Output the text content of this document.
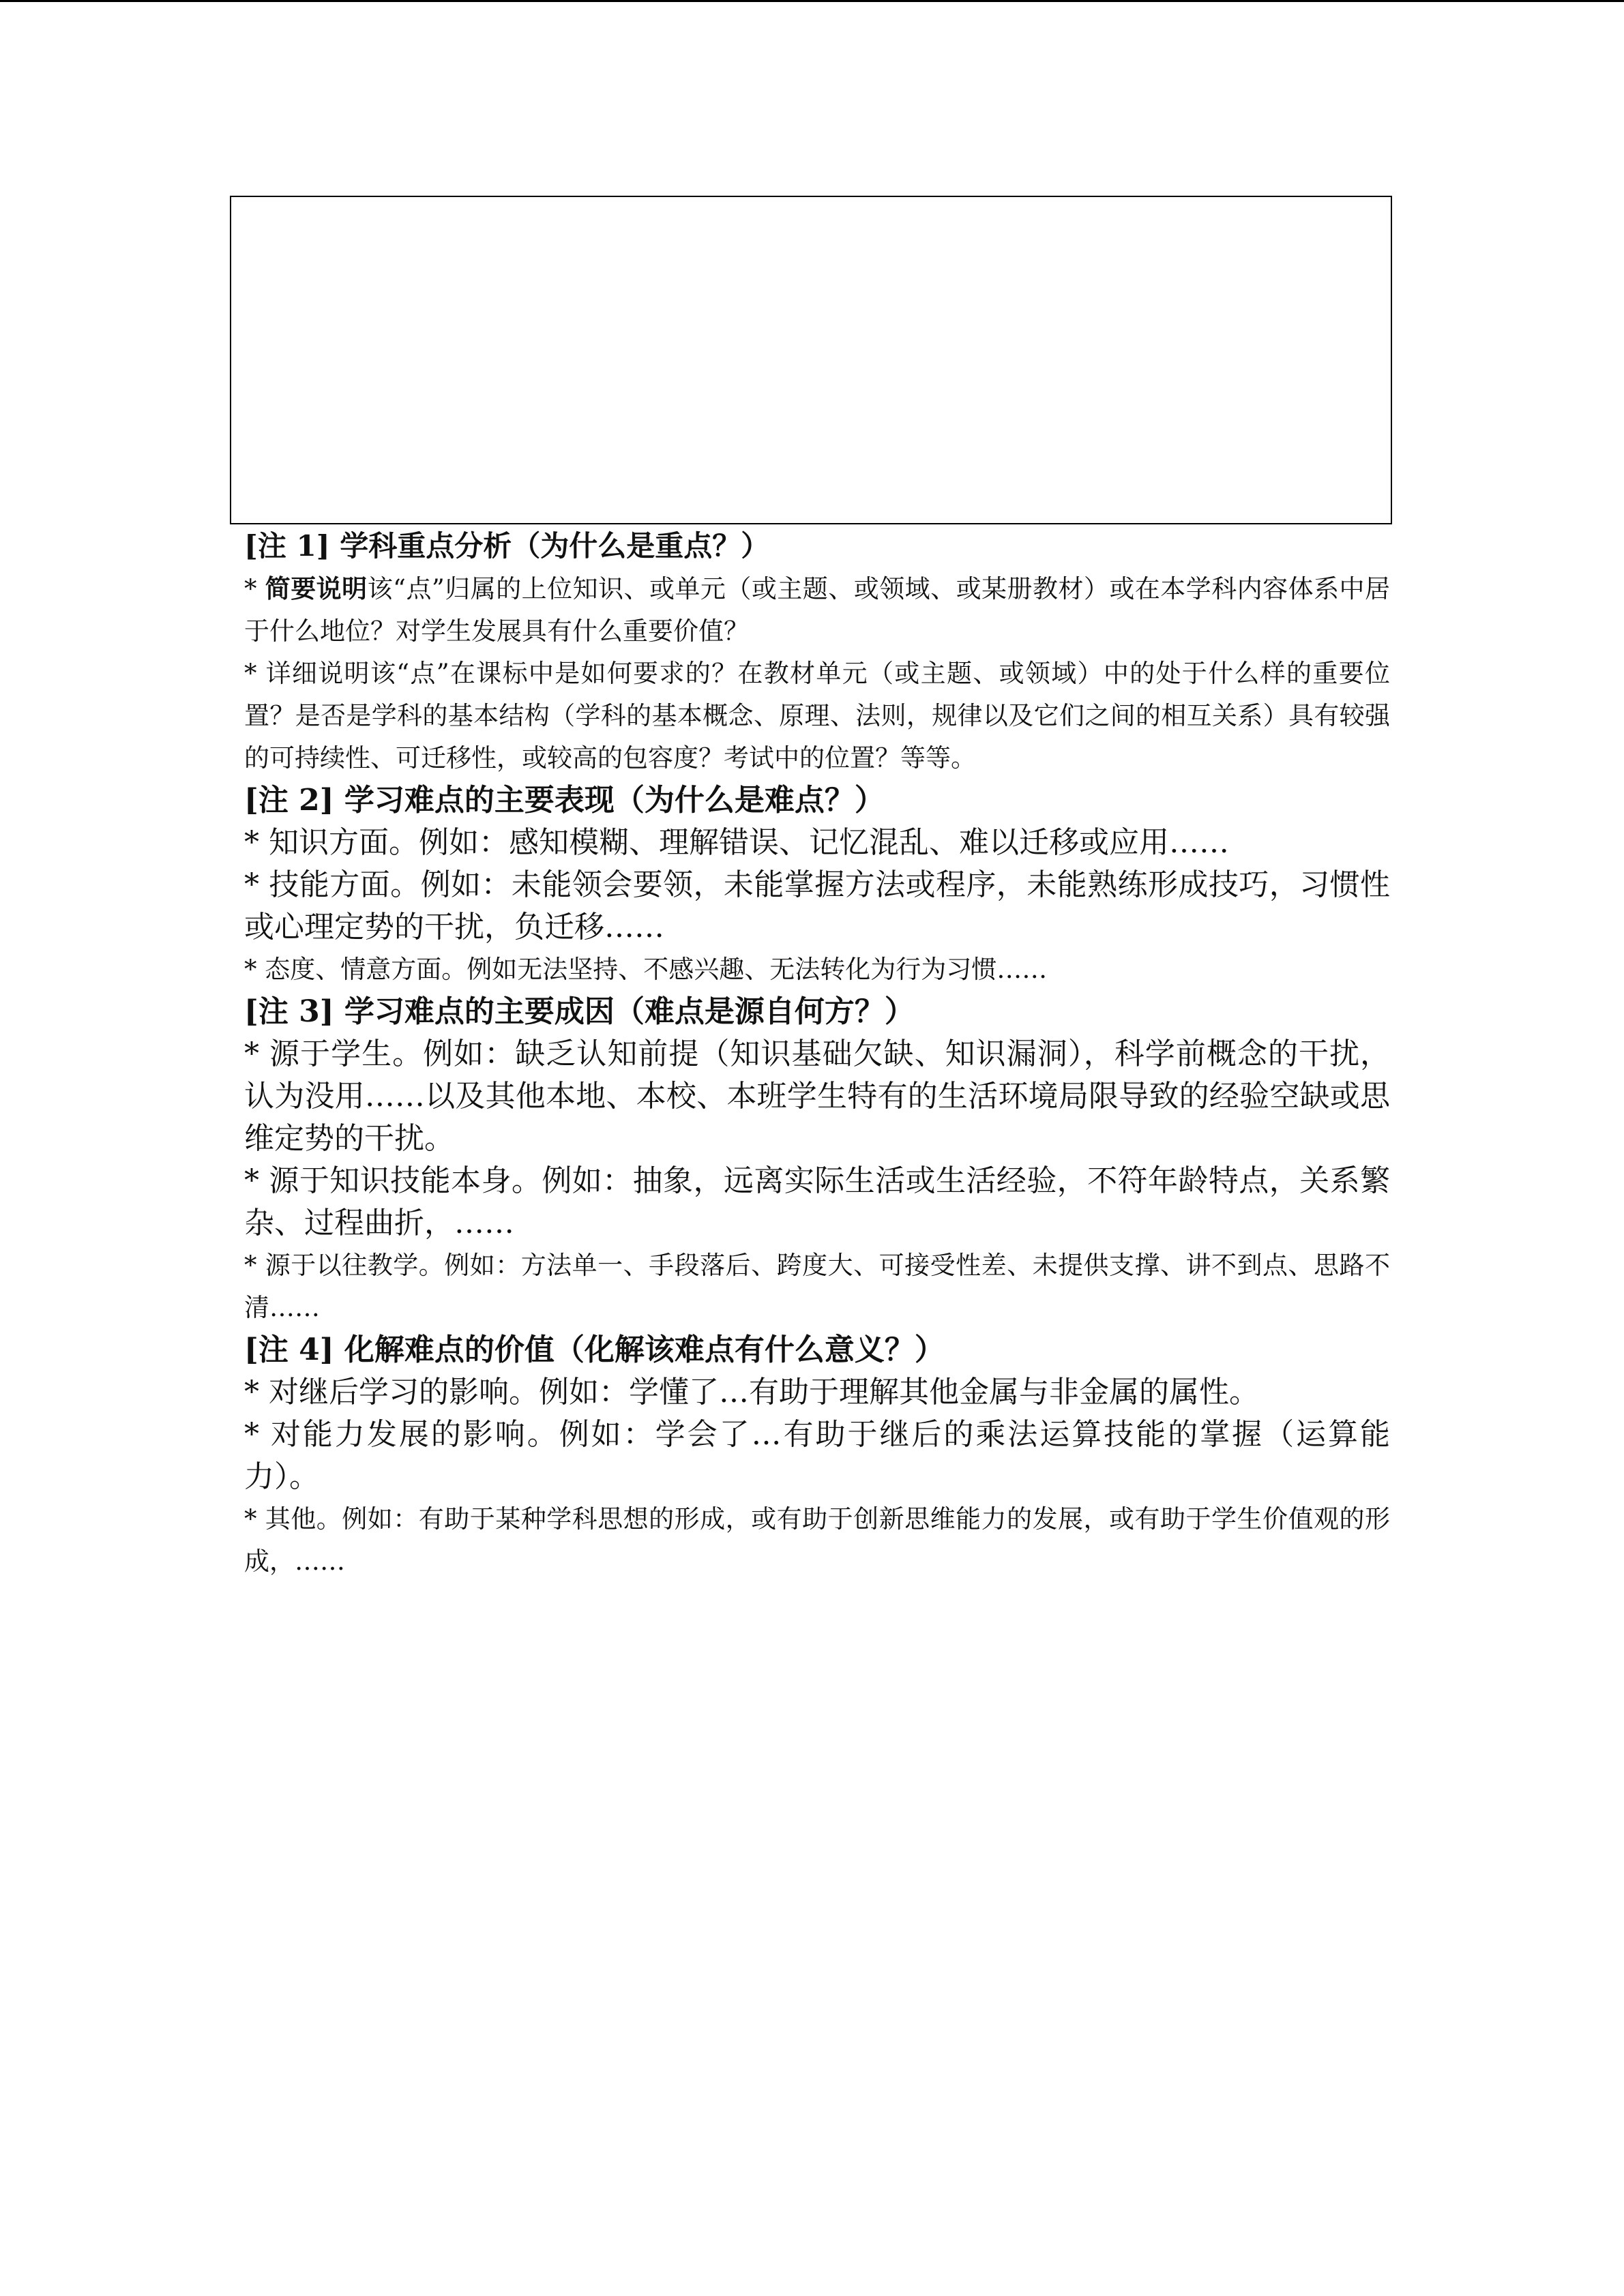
[注 1] 学科重点分析（为什么是重点？）

* 简要说明该“点”归属的上位知识、或单元（或主题、或领域、或某册教材）或在本学科内容体系中居于什么地位？对学生发展具有什么重要价值？

* 详细说明该“点”在课标中是如何要求的？在教材单元（或主题、或领域）中的处于什么样的重要位置？是否是学科的基本结构（学科的基本概念、原理、法则，规律以及它们之间的相互关系）具有较强的可持续性、可迁移性，或较高的包容度？考试中的位置？等等。

[注 2] 学习难点的主要表现（为什么是难点？）

* 知识方面。例如：感知模糊、理解错误、记忆混乱、难以迁移或应用……

* 技能方面。例如：未能领会要领，未能掌握方法或程序，未能熟练形成技巧，习惯性或心理定势的干扰，负迁移……

* 态度、情意方面。例如无法坚持、不感兴趣、无法转化为行为习惯……

[注 3] 学习难点的主要成因（难点是源自何方？）

* 源于学生。例如：缺乏认知前提（知识基础欠缺、知识漏洞），科学前概念的干扰，认为没用……以及其他本地、本校、本班学生特有的生活环境局限导致的经验空缺或思维定势的干扰。

* 源于知识技能本身。例如：抽象，远离实际生活或生活经验，不符年龄特点，关系繁杂、过程曲折，……

* 源于以往教学。例如：方法单一、手段落后、跨度大、可接受性差、未提供支撑、讲不到点、思路不清……

[注 4] 化解难点的价值（化解该难点有什么意义？）

* 对继后学习的影响。例如：学懂了…有助于理解其他金属与非金属的属性。

* 对能力发展的影响。例如：学会了…有助于继后的乘法运算技能的掌握（运算能力）。

* 其他。例如：有助于某种学科思想的形成，或有助于创新思维能力的发展，或有助于学生价值观的形成，……
